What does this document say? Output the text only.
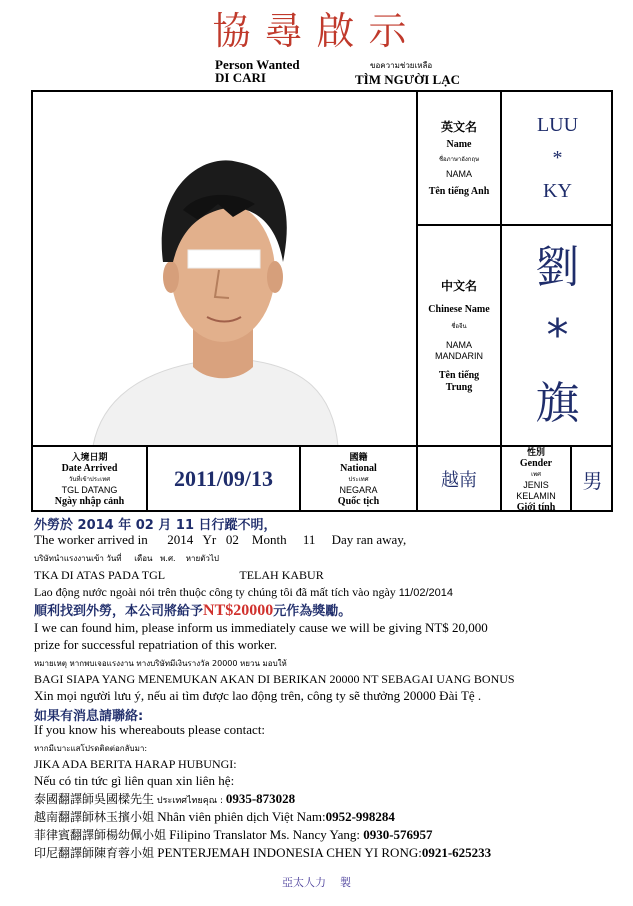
協尋啟示
Person Wanted
DI CARI
ขอความช่วยเหลือ
TÌM NGƯỜI LẠC
英文名
Name
ชื่อภาษาอังกฤษ
NAMA
Tên tiếng Anh
LUU
*
KY
中文名
Chinese Name
ชื่อจีน
NAMA
MANDARIN
Tên tiếng
Trung
劉
*
旗
入境日期
Date Arrived
วันที่เข้าประเทศ
TGL DATANG
Ngày nhập cảnh
2011/09/13
國籍
National
ประเทศ
NEGARA
Quốc tịch
越南
性別
Gender
เพศ
JENIS
KELAMIN
Giới tính
男
外勞於 2014 年 02 月 11 日行蹤不明，
The worker arrived in      2014   Yr   02    Month     11     Day ran away,
บริษัทนำแรงงานเข้า วันที่     เดือน   พ.ศ.    หายตัวไป
TKA DI ATAS PADA TGL                         TELAH KABUR
Lao động nước ngoài nói trên thuộc công ty chúng tôi đã mất tích vào ngày 11/02/2014
順利找到外勞，本公司將給予NT$20000元作為獎勵。
I we can found him, please inform us immediately cause we will be giving NT$ 20,000
prize for successful repatriation of this worker.
หมายเหตุ หากพบเจอแรงงาน ทางบริษัทมีเงินรางวัล 20000 หยวน มอบให้
BAGI SIAPA YANG MENEMUKAN AKAN DI BERIKAN 20000 NT SEBAGAI UANG BONUS
Xin mọi người lưu ý, nếu ai tìm được lao động trên, công ty sẽ thưởng 20000 Đài Tệ .
如果有消息請聯絡:
If you know his whereabouts please contact:
หากมีเบาะแสโปรดติดต่อกลับมา:
JIKA ADA BERITA HARAP HUBUNGI:
Nếu có tin tức gì liên quan xin liên hệ:
泰國翻譯師吳國樑先生 ประเทศไทยคุณ : 0935-873028
越南翻譯師林玉擯小姐 Nhân viên phiên dịch Việt Nam:0952-998284
菲律賓翻譯師楊幼佩小姐 Filipino Translator Ms. Nancy Yang: 0930-576957
印尼翻譯師陳育蓉小姐 PENTERJEMAH INDONESIA CHEN YI RONG:0921-625233
亞太人力    製
